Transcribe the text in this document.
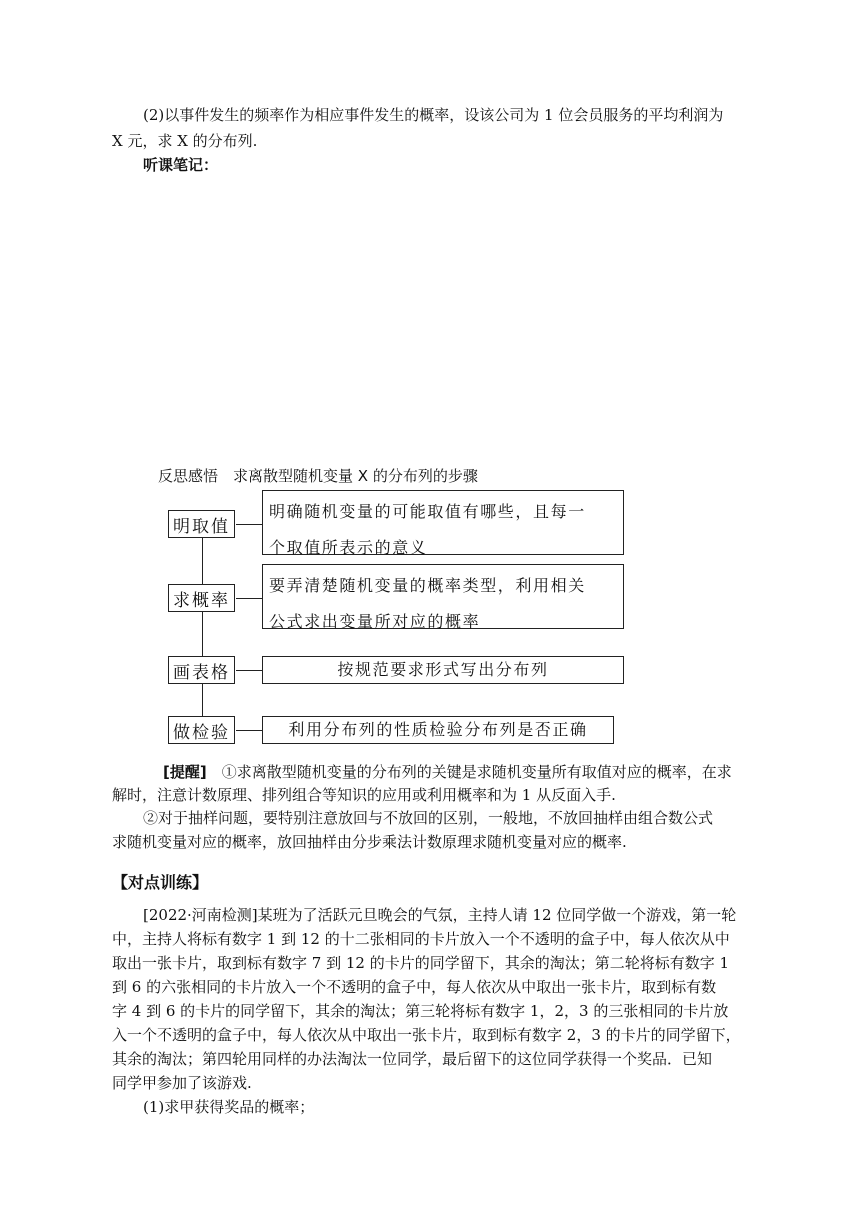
(2)以事件发生的频率作为相应事件发生的概率，设该公司为 1 位会员服务的平均利润为
X 元，求 X 的分布列.
听课笔记：
反思感悟　求离散型随机变量 X 的分布列的步骤
明取值
明确随机变量的可能取值有哪些，且每一
个取值所表示的意义
求概率
要弄清楚随机变量的概率类型，利用相关
公式求出变量所对应的概率
画表格	按规范要求形式写出分布列
做检验	利用分布列的性质检验分布列是否正确
[提醒]  ①求离散型随机变量的分布列的关键是求随机变量所有取值对应的概率，在求
解时，注意计数原理、排列组合等知识的应用或利用概率和为 1 从反面入手.
②对于抽样问题，要特别注意放回与不放回的区别，一般地，不放回抽样由组合数公式
求随机变量对应的概率，放回抽样由分步乘法计数原理求随机变量对应的概率.
【对点训练】
[2022·河南检测]某班为了活跃元旦晚会的气氛，主持人请 12 位同学做一个游戏，第一轮
中，主持人将标有数字 1 到 12 的十二张相同的卡片放入一个不透明的盒子中，每人依次从中
取出一张卡片，取到标有数字 7 到 12 的卡片的同学留下，其余的淘汰；第二轮将标有数字 1
到 6 的六张相同的卡片放入一个不透明的盒子中，每人依次从中取出一张卡片，取到标有数
字 4 到 6 的卡片的同学留下，其余的淘汰；第三轮将标有数字 1，2，3 的三张相同的卡片放
入一个不透明的盒子中，每人依次从中取出一张卡片，取到标有数字 2，3 的卡片的同学留下，
其余的淘汰；第四轮用同样的办法淘汰一位同学，最后留下的这位同学获得一个奖品．已知
同学甲参加了该游戏.
(1)求甲获得奖品的概率；
